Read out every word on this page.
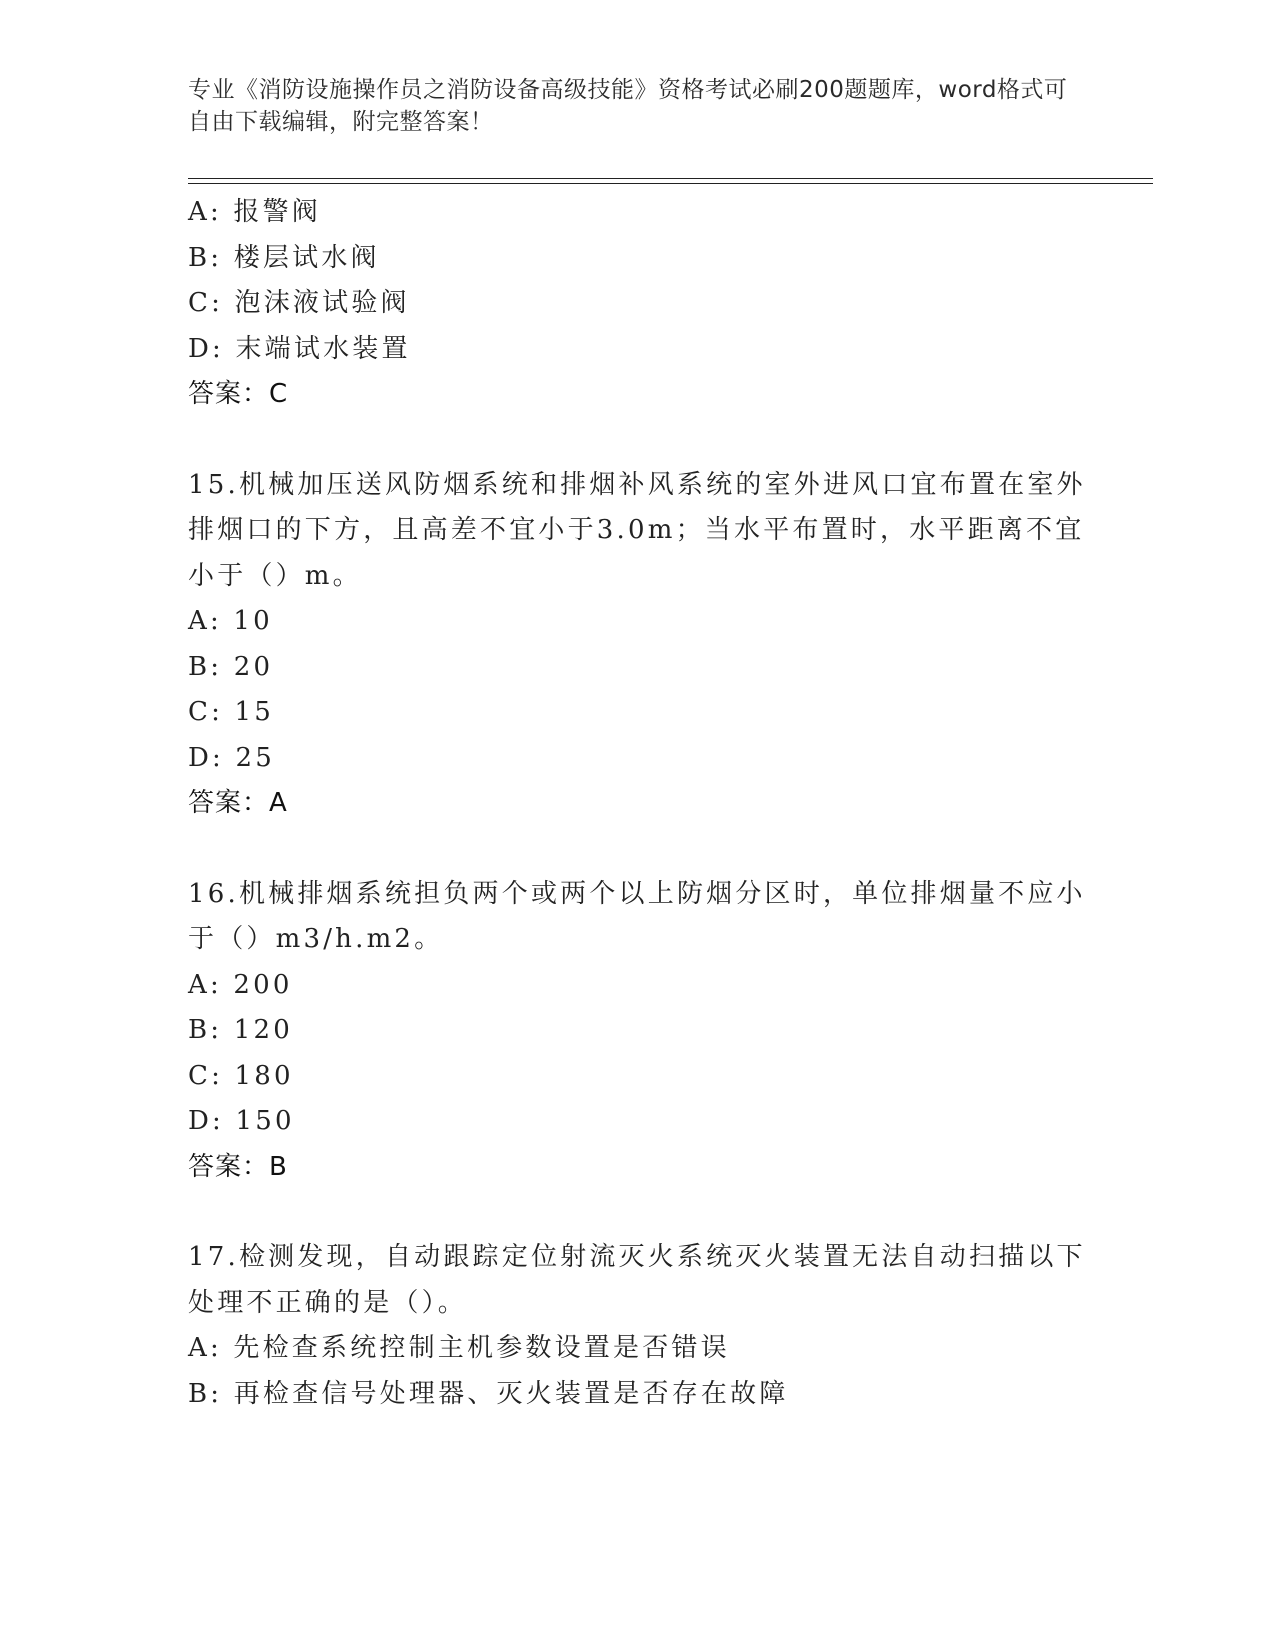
专业《消防设施操作员之消防设备高级技能》资格考试必刷200题题库，word格式可自由下载编辑，附完整答案！
A: 报警阀
B: 楼层试水阀
C: 泡沫液试验阀
D: 末端试水装置
答案：C
15.机械加压送风防烟系统和排烟补风系统的室外进风口宜布置在室外
排烟口的下方，且高差不宜小于3.0m；当水平布置时，水平距离不宜
小于（）m。
A: 10
B: 20
C: 15
D: 25
答案：A
16.机械排烟系统担负两个或两个以上防烟分区时，单位排烟量不应小
于（）m3/h.m2。
A: 200
B: 120
C: 180
D: 150
答案：B
17.检测发现，自动跟踪定位射流灭火系统灭火装置无法自动扫描以下
处理不正确的是（）。
A: 先检查系统控制主机参数设置是否错误
B: 再检查信号处理器、灭火装置是否存在故障
